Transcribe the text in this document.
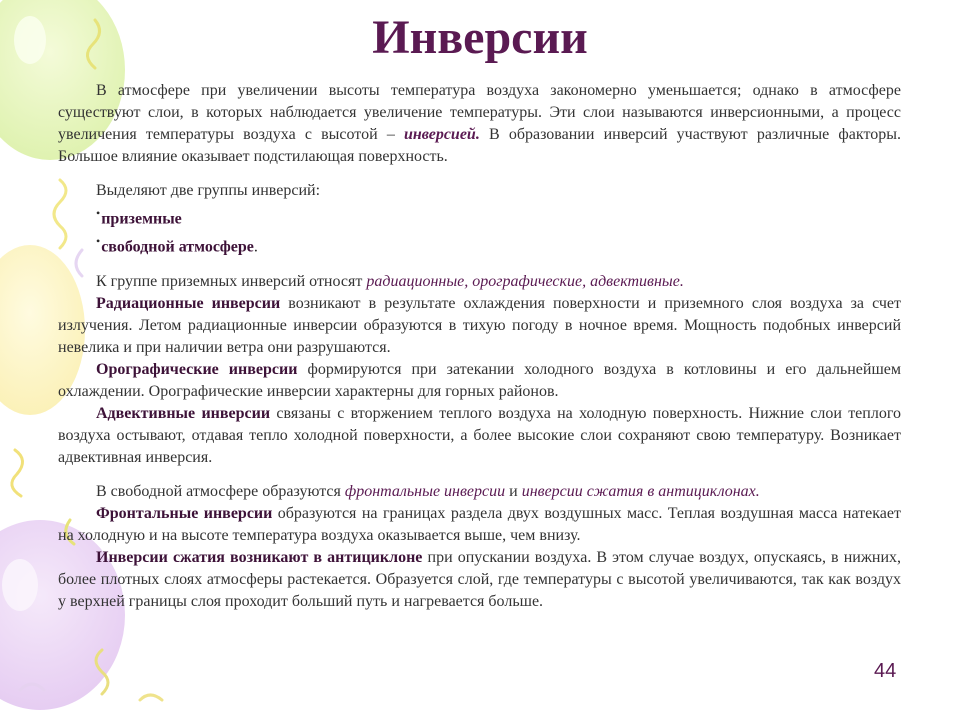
Инверсии

В атмосфере при увеличении высоты температура воздуха закономерно уменьшается; однако в атмосфере существуют слои, в которых наблюдается увеличение температуры. Эти слои называются инверсионными, а процесс увеличения температуры воздуха с высотой – инверсией. В образовании инверсий участвуют различные факторы. Большое влияние оказывает подстилающая поверхность.

Выделяют две группы инверсий:

•приземные
•свободной атмосфере.

К группе приземных инверсий относят радиационные, орографические, адвективные.

Радиационные инверсии возникают в результате охлаждения поверхности и приземного слоя воздуха за счет излучения. Летом радиационные инверсии образуются в тихую погоду в ночное время. Мощность подобных инверсий невелика и при наличии ветра они разрушаются.

Орографические инверсии формируются при затекании холодного воздуха в котловины и его дальнейшем охлаждении. Орографические инверсии характерны для горных районов.

Адвективные инверсии связаны с вторжением теплого воздуха на холодную поверхность. Нижние слои теплого воздуха остывают, отдавая тепло холодной поверхности, а более высокие слои сохраняют свою температуру. Возникает адвективная инверсия.

В свободной атмосфере образуются фронтальные инверсии и инверсии сжатия в антициклонах.

Фронтальные инверсии образуются на границах раздела двух воздушных масс. Теплая воздушная масса натекает на холодную и на высоте температура воздуха оказывается выше, чем внизу.

Инверсии сжатия возникают в антициклоне при опускании воздуха. В этом случае воздух, опускаясь, в нижних, более плотных слоях атмосферы растекается. Образуется слой, где температуры с высотой увеличиваются, так как воздух у верхней границы слоя проходит больший путь и нагревается больше.

44
